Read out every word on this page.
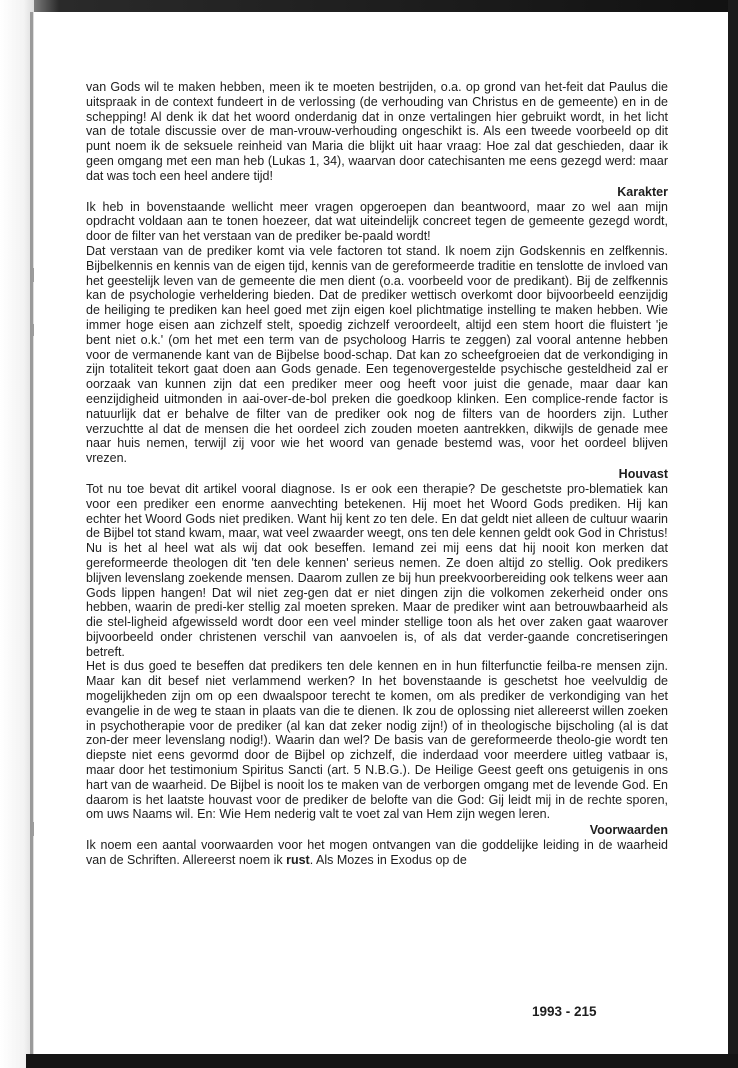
van Gods wil te maken hebben, meen ik te moeten bestrijden, o.a. op grond van het-feit dat Paulus die uitspraak in de context fundeert in de verlossing (de verhouding van Christus en de gemeente) en in de schepping! Al denk ik dat het woord onderdanig dat in onze vertalingen hier gebruikt wordt, in het licht van de totale discussie over de man-vrouw-verhouding ongeschikt is. Als een tweede voorbeeld op dit punt noem ik de seksuele reinheid van Maria die blijkt uit haar vraag: Hoe zal dat geschieden, daar ik geen omgang met een man heb (Lukas 1, 34), waarvan door catechisanten me eens gezegd werd: maar dat was toch een heel andere tijd!

Karakter

Ik heb in bovenstaande wellicht meer vragen opgeroepen dan beantwoord, maar zo wel aan mijn opdracht voldaan aan te tonen hoezeer, dat wat uiteindelijk concreet tegen de gemeente gezegd wordt, door de filter van het verstaan van de prediker be-paald wordt!

Dat verstaan van de prediker komt via vele factoren tot stand. Ik noem zijn Godskennis en zelfkennis. Bijbelkennis en kennis van de eigen tijd, kennis van de gereformeerde traditie en tenslotte de invloed van het geestelijk leven van de gemeente die men dient (o.a. voorbeeld voor de predikant). Bij de zelfkennis kan de psychologie verheldering bieden. Dat de prediker wettisch overkomt door bijvoorbeeld eenzijdig de heiliging te prediken kan heel goed met zijn eigen koel plichtmatige instelling te maken hebben. Wie immer hoge eisen aan zichzelf stelt, spoedig zichzelf veroordeelt, altijd een stem hoort die fluistert 'je bent niet o.k.' (om het met een term van de psycholoog Harris te zeggen) zal vooral antenne hebben voor de vermanende kant van de Bijbelse bood-schap. Dat kan zo scheefgroeien dat de verkondiging in zijn totaliteit tekort gaat doen aan Gods genade. Een tegenovergestelde psychische gesteldheid zal er oorzaak van kunnen zijn dat een prediker meer oog heeft voor juist die genade, maar daar kan eenzijdigheid uitmonden in aai-over-de-bol preken die goedkoop klinken. Een complice-rende factor is natuurlijk dat er behalve de filter van de prediker ook nog de filters van de hoorders zijn. Luther verzuchtte al dat de mensen die het oordeel zich zouden moeten aantrekken, dikwijls de genade mee naar huis nemen, terwijl zij voor wie het woord van genade bestemd was, voor het oordeel blijven vrezen.

Houvast

Tot nu toe bevat dit artikel vooral diagnose. Is er ook een therapie? De geschetste pro-blematiek kan voor een prediker een enorme aanvechting betekenen. Hij moet het Woord Gods prediken. Hij kan echter het Woord Gods niet prediken. Want hij kent zo ten dele. En dat geldt niet alleen de cultuur waarin de Bijbel tot stand kwam, maar, wat veel zwaarder weegt, ons ten dele kennen geldt ook God in Christus!

Nu is het al heel wat als wij dat ook beseffen. Iemand zei mij eens dat hij nooit kon merken dat gereformeerde theologen dit 'ten dele kennen' serieus nemen. Ze doen altijd zo stellig. Ook predikers blijven levenslang zoekende mensen. Daarom zullen ze bij hun preekvoorbereiding ook telkens weer aan Gods lippen hangen! Dat wil niet zeg-gen dat er niet dingen zijn die volkomen zekerheid onder ons hebben, waarin de predi-ker stellig zal moeten spreken. Maar de prediker wint aan betrouwbaarheid als die stel-ligheid afgewisseld wordt door een veel minder stellige toon als het over zaken gaat waarover bijvoorbeeld onder christenen verschil van aanvoelen is, of als dat verder-gaande concretiseringen betreft.

Het is dus goed te beseffen dat predikers ten dele kennen en in hun filterfunctie feilba-re mensen zijn. Maar kan dit besef niet verlammend werken? In het bovenstaande is geschetst hoe veelvuldig de mogelijkheden zijn om op een dwaalspoor terecht te komen, om als prediker de verkondiging van het evangelie in de weg te staan in plaats van die te dienen. Ik zou de oplossing niet allereerst willen zoeken in psychotherapie voor de prediker (al kan dat zeker nodig zijn!) of in theologische bijscholing (al is dat zon-der meer levenslang nodig!). Waarin dan wel? De basis van de gereformeerde theolo-gie wordt ten diepste niet eens gevormd door de Bijbel op zichzelf, die inderdaad voor meerdere uitleg vatbaar is, maar door het testimonium Spiritus Sancti (art. 5 N.B.G.). De Heilige Geest geeft ons getuigenis in ons hart van de waarheid. De Bijbel is nooit los te maken van de verborgen omgang met de levende God. En daarom is het laatste houvast voor de prediker de belofte van die God: Gij leidt mij in de rechte sporen, om uws Naams wil. En: Wie Hem nederig valt te voet zal van Hem zijn wegen leren.

Voorwaarden

Ik noem een aantal voorwaarden voor het mogen ontvangen van die goddelijke leiding in de waarheid van de Schriften. Allereerst noem ik rust. Als Mozes in Exodus op de

1993 - 215
